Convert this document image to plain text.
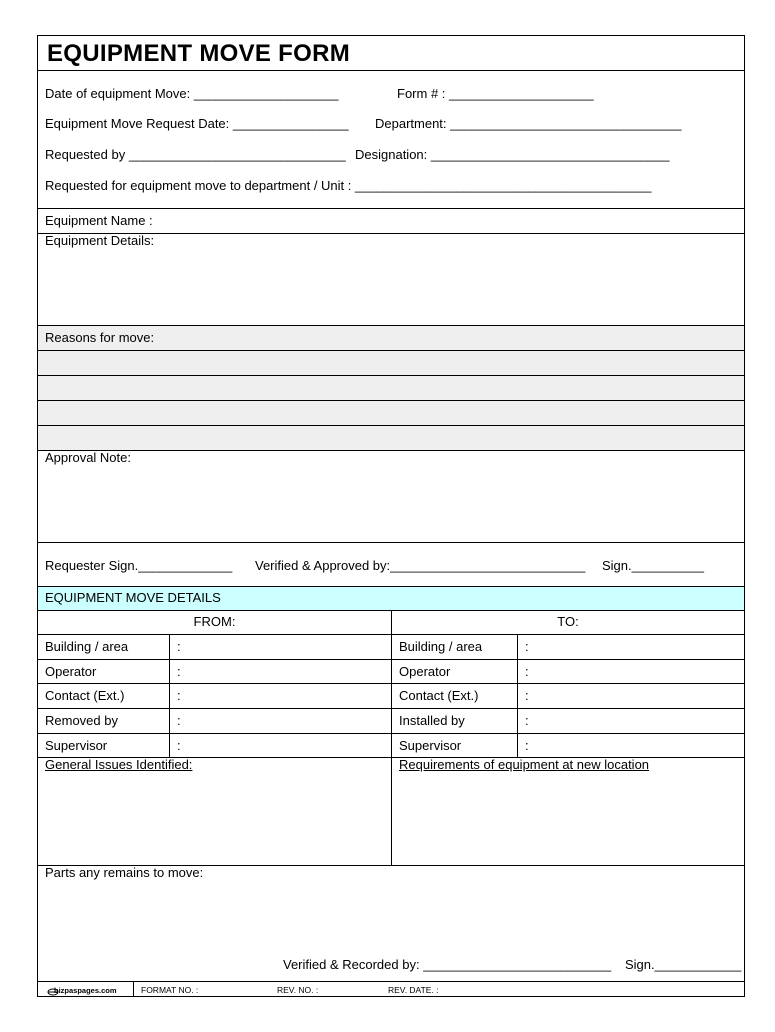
EQUIPMENT MOVE FORM
Date of equipment Move: ____________________	Form # : ____________________
Equipment Move Request Date: ________________ Department: ________________________________
Requested by ______________________________ Designation: _________________________________
Requested for equipment move to department / Unit : _________________________________________
Equipment Name :
Equipment Details:
Reasons for move:
Approval Note:
Requester Sign._____________ Verified & Approved by:___________________________ Sign.__________
EQUIPMENT MOVE DETAILS
FROM:	TO:
Building / area	:	Building / area	:
Operator	:	Operator	:
Contact (Ext.)	:	Contact (Ext.)	:
Removed by	:	Installed by	:
Supervisor	:	Supervisor	:
General Issues Identified:	Requirements of equipment at new location
Parts any remains to move:
Verified & Recorded by: __________________________ Sign.____________
bizpaspages.com	FORMAT NO. :	REV. NO. :	REV. DATE. :
